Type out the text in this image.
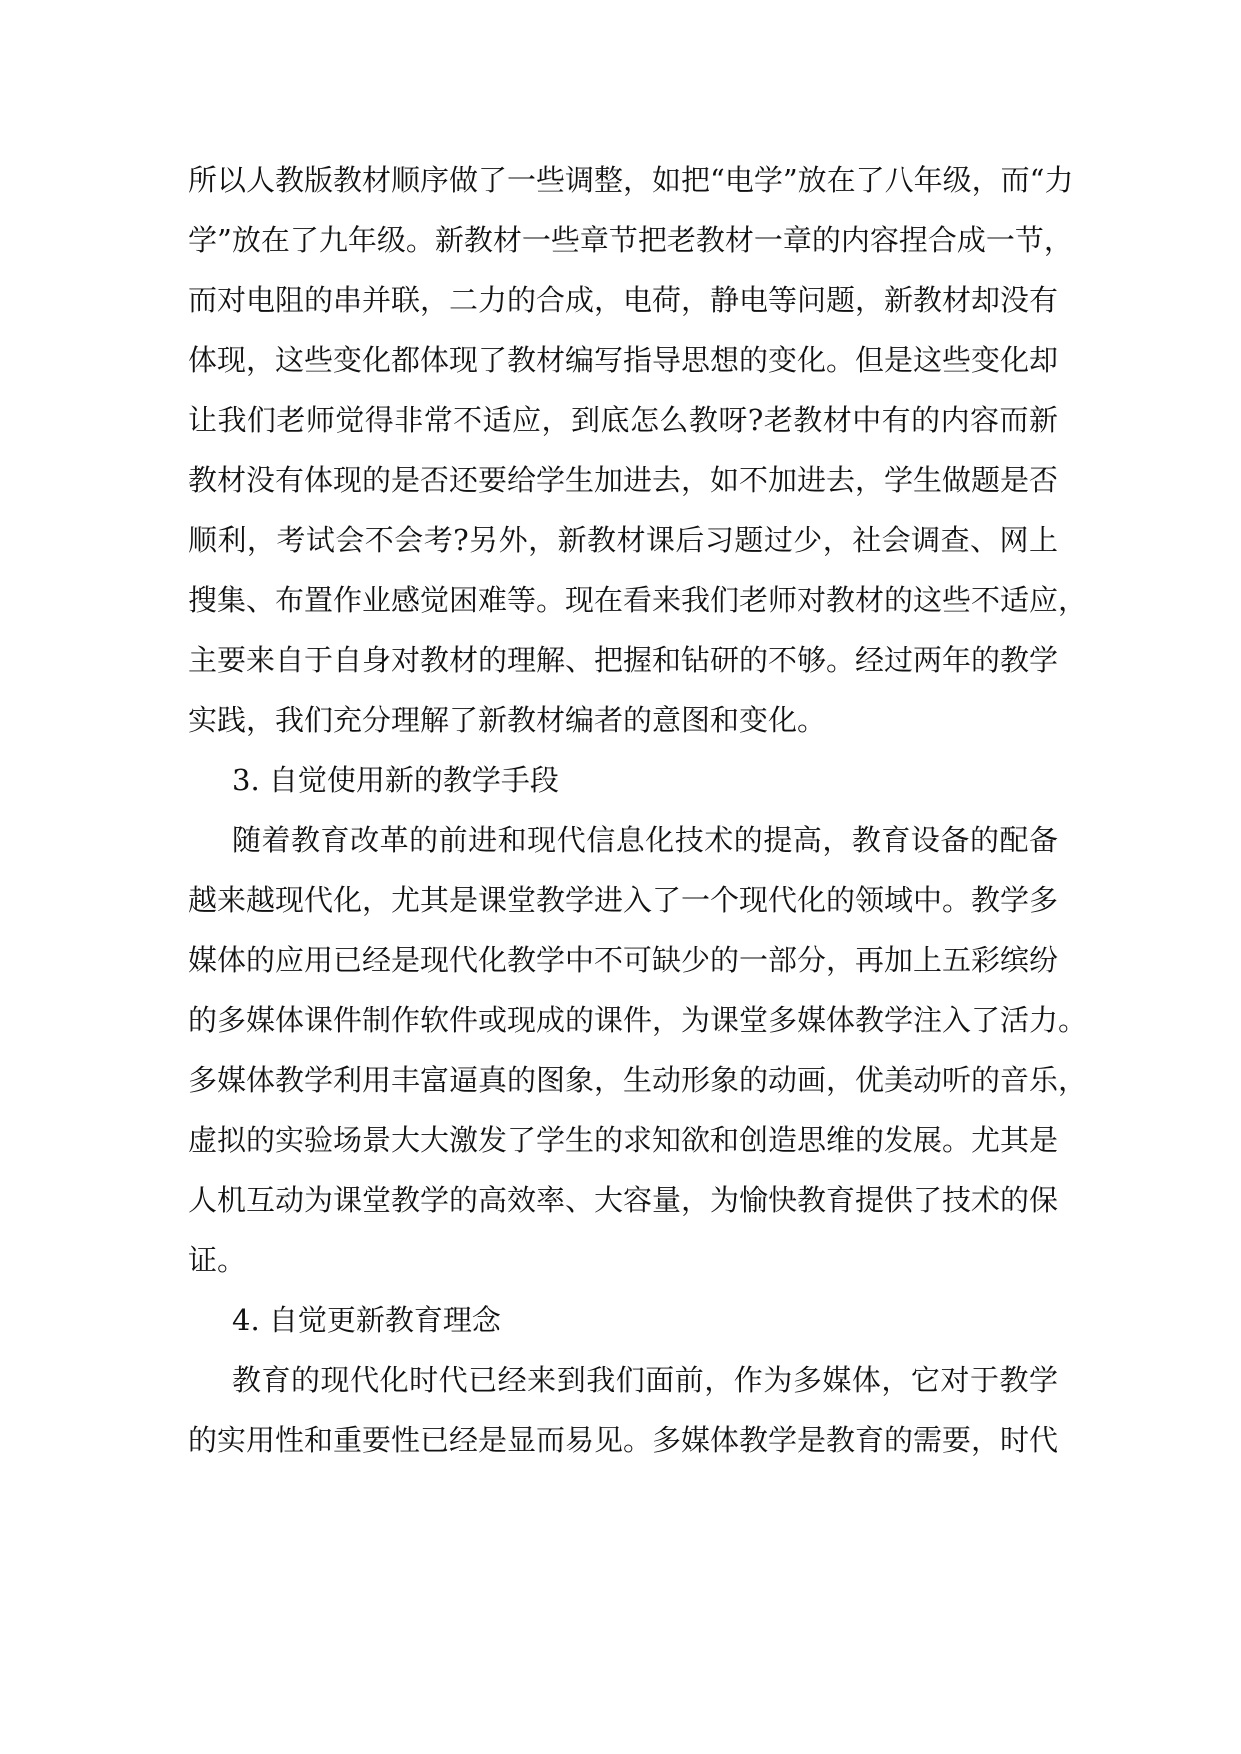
所以人教版教材顺序做了一些调整，如把“电学”放在了八年级，而“力
学”放在了九年级。新教材一些章节把老教材一章的内容捏合成一节，
而对电阻的串并联，二力的合成，电荷，静电等问题，新教材却没有
体现，这些变化都体现了教材编写指导思想的变化。但是这些变化却
让我们老师觉得非常不适应，到底怎么教呀?老教材中有的内容而新
教材没有体现的是否还要给学生加进去，如不加进去，学生做题是否
顺利，考试会不会考?另外，新教材课后习题过少，社会调查、网上
搜集、布置作业感觉困难等。现在看来我们老师对教材的这些不适应，
主要来自于自身对教材的理解、把握和钻研的不够。经过两年的教学
实践，我们充分理解了新教材编者的意图和变化。
3. 自觉使用新的教学手段
随着教育改革的前进和现代信息化技术的提高，教育设备的配备
越来越现代化，尤其是课堂教学进入了一个现代化的领域中。教学多
媒体的应用已经是现代化教学中不可缺少的一部分，再加上五彩缤纷
的多媒体课件制作软件或现成的课件，为课堂多媒体教学注入了活力。
多媒体教学利用丰富逼真的图象，生动形象的动画，优美动听的音乐，
虚拟的实验场景大大激发了学生的求知欲和创造思维的发展。尤其是
人机互动为课堂教学的高效率、大容量，为愉快教育提供了技术的保
证。
4. 自觉更新教育理念
教育的现代化时代已经来到我们面前，作为多媒体，它对于教学
的实用性和重要性已经是显而易见。多媒体教学是教育的需要，时代
